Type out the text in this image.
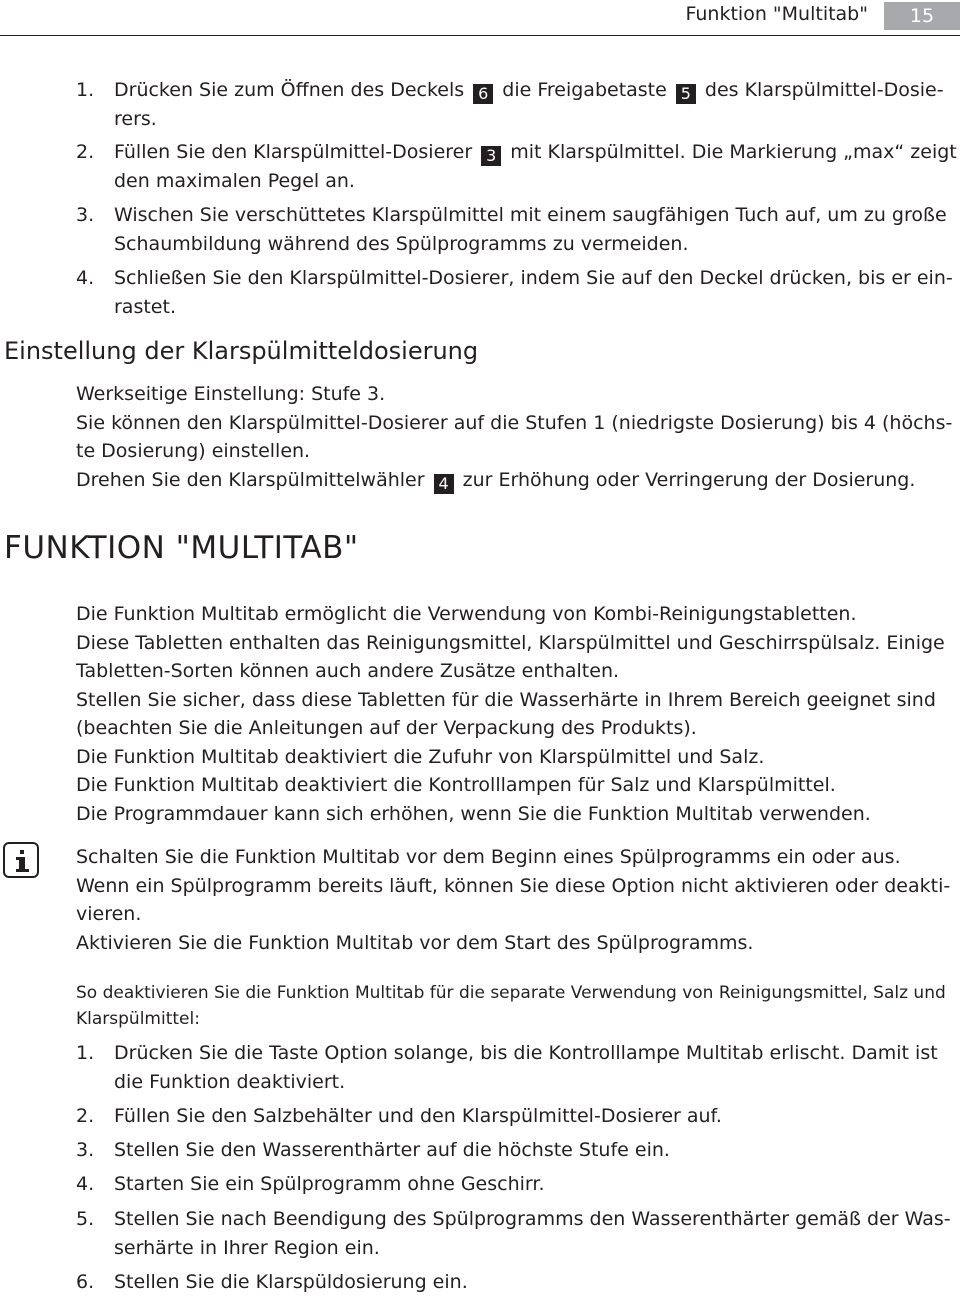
Funktion "Multitab"	15
1. Drücken Sie zum Öffnen des Deckels 6 die Freigabetaste 5 des Klarspülmittel-Dosie-
rers.
2. Füllen Sie den Klarspülmittel-Dosierer 3 mit Klarspülmittel. Die Markierung „max“ zeigt
den maximalen Pegel an.
3. Wischen Sie verschüttetes Klarspülmittel mit einem saugfähigen Tuch auf, um zu große
Schaumbildung während des Spülprogramms zu vermeiden.
4. Schließen Sie den Klarspülmittel-Dosierer, indem Sie auf den Deckel drücken, bis er ein-
rastet.
Einstellung der Klarspülmitteldosierung
Werkseitige Einstellung: Stufe 3.
Sie können den Klarspülmittel-Dosierer auf die Stufen 1 (niedrigste Dosierung) bis 4 (höchs-
te Dosierung) einstellen.
Drehen Sie den Klarspülmittelwähler 4 zur Erhöhung oder Verringerung der Dosierung.
FUNKTION "MULTITAB"
Die Funktion Multitab ermöglicht die Verwendung von Kombi-Reinigungstabletten.
Diese Tabletten enthalten das Reinigungsmittel, Klarspülmittel und Geschirrspülsalz. Einige
Tabletten-Sorten können auch andere Zusätze enthalten.
Stellen Sie sicher, dass diese Tabletten für die Wasserhärte in Ihrem Bereich geeignet sind
(beachten Sie die Anleitungen auf der Verpackung des Produkts).
Die Funktion Multitab deaktiviert die Zufuhr von Klarspülmittel und Salz.
Die Funktion Multitab deaktiviert die Kontrolllampen für Salz und Klarspülmittel.
Die Programmdauer kann sich erhöhen, wenn Sie die Funktion Multitab verwenden.
Schalten Sie die Funktion Multitab vor dem Beginn eines Spülprogramms ein oder aus.
Wenn ein Spülprogramm bereits läuft, können Sie diese Option nicht aktivieren oder deakti-
vieren.
Aktivieren Sie die Funktion Multitab vor dem Start des Spülprogramms.
So deaktivieren Sie die Funktion Multitab für die separate Verwendung von Reinigungsmittel, Salz und
Klarspülmittel:
1. Drücken Sie die Taste Option solange, bis die Kontrolllampe Multitab erlischt. Damit ist
die Funktion deaktiviert.
2. Füllen Sie den Salzbehälter und den Klarspülmittel-Dosierer auf.
3. Stellen Sie den Wasserenthärter auf die höchste Stufe ein.
4. Starten Sie ein Spülprogramm ohne Geschirr.
5. Stellen Sie nach Beendigung des Spülprogramms den Wasserenthärter gemäß der Was-
serhärte in Ihrer Region ein.
6. Stellen Sie die Klarspüldosierung ein.
